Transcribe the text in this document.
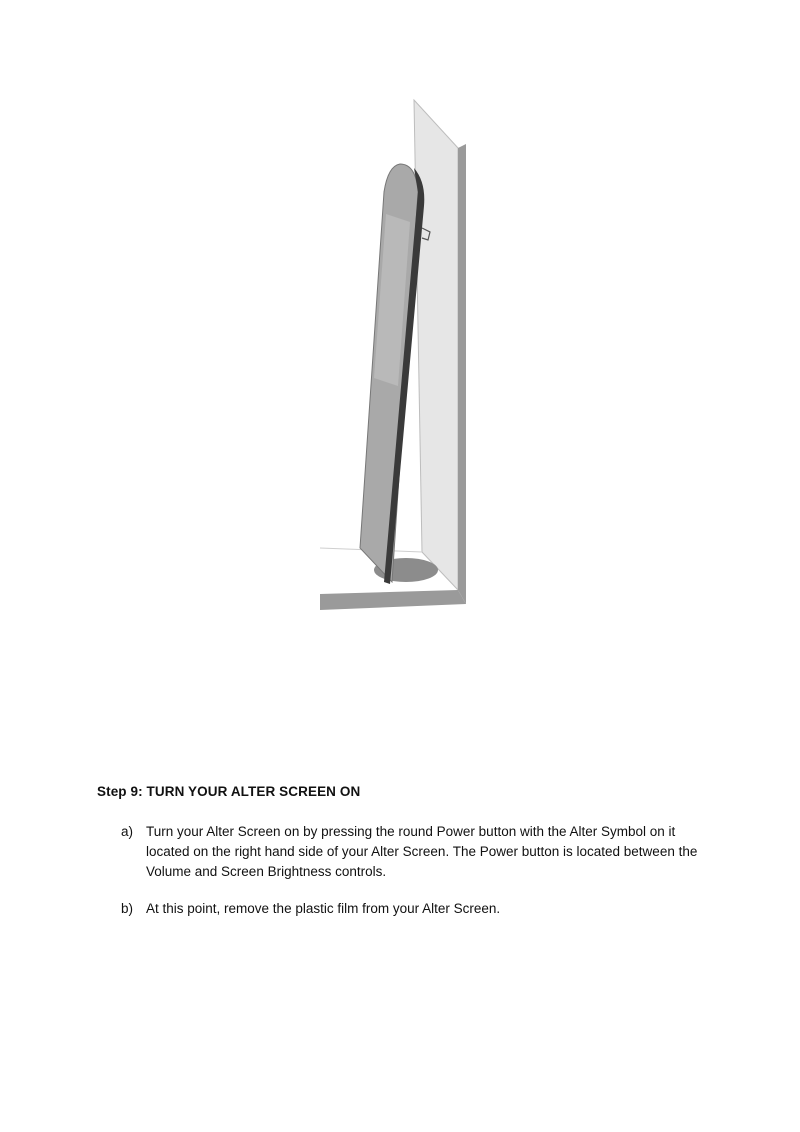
Step 9: TURN YOUR ALTER SCREEN ON
a) Turn your Alter Screen on by pressing the round Power button with the Alter Symbol on it located on the right hand side of your Alter Screen. The Power button is located between the Volume and Screen Brightness controls.
b) At this point, remove the plastic film from your Alter Screen.
